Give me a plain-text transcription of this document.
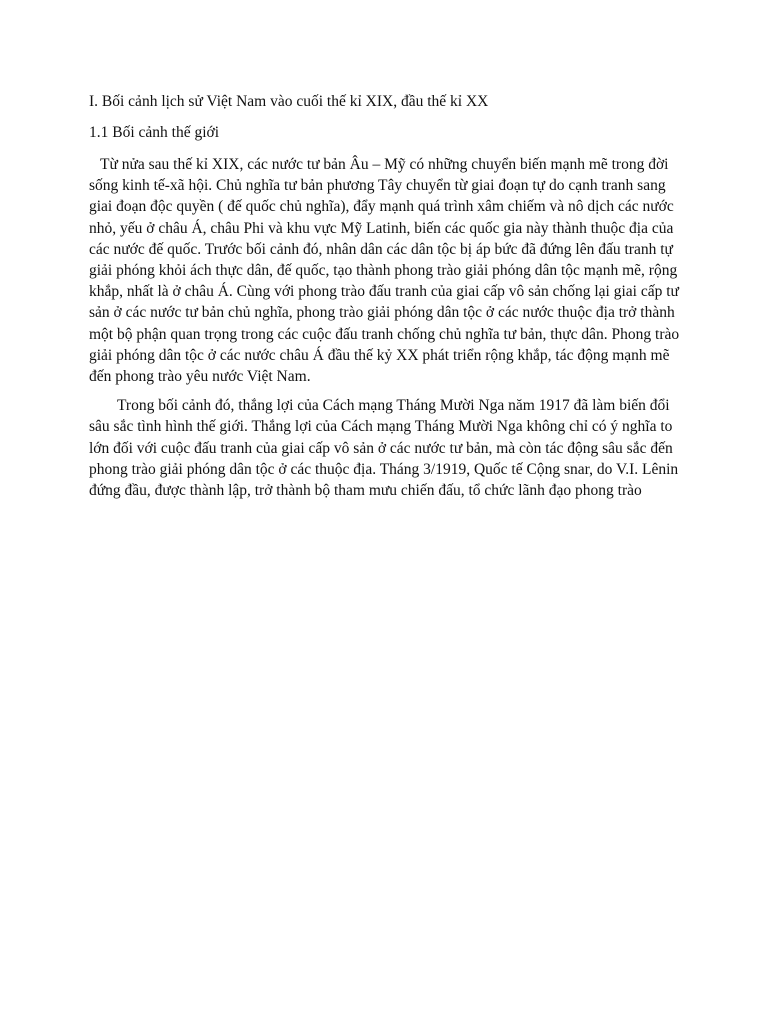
I. Bối cảnh lịch sử Việt Nam vào cuối thế kỉ XIX, đầu thế kỉ XX
1.1 Bối cảnh thế giới

Từ nửa sau thế kỉ XIX, các nước tư bản Âu – Mỹ có những chuyển biến mạnh mẽ trong đời sống kinh tế-xã hội. Chủ nghĩa tư bản phương Tây chuyển từ giai đoạn tự do cạnh tranh sang giai đoạn độc quyền ( đế quốc chủ nghĩa), đẩy mạnh quá trình xâm chiếm và nô dịch các nước nhỏ, yếu ở châu Á, châu Phi và khu vực Mỹ Latinh, biến các quốc gia này thành thuộc địa của các nước đế quốc. Trước bối cảnh đó, nhân dân các dân tộc bị áp bức đã đứng lên đấu tranh tự giải phóng khỏi ách thực dân, đế quốc, tạo thành phong trào giải phóng dân tộc mạnh mẽ, rộng khắp, nhất là ở châu Á. Cùng với phong trào đấu tranh của giai cấp vô sản chống lại giai cấp tư sản ở các nước tư bản chủ nghĩa, phong trào giải phóng dân tộc ở các nước thuộc địa trở thành một bộ phận quan trọng trong các cuộc đấu tranh chống chủ nghĩa tư bản, thực dân. Phong trào giải phóng dân tộc ở các nước châu Á đầu thế kỷ XX phát triển rộng khắp, tác động mạnh mẽ đến phong trào yêu nước Việt Nam.

Trong bối cảnh đó, thắng lợi của Cách mạng Tháng Mười Nga năm 1917 đã làm biến đổi sâu sắc tình hình thế giới. Thắng lợi của Cách mạng Tháng Mười Nga không chỉ có ý nghĩa to lớn đối với cuộc đấu tranh của giai cấp vô sản ở các nước tư bản, mà còn tác động sâu sắc đến phong trào giải phóng dân tộc ở các thuộc địa. Tháng 3/1919, Quốc tế Cộng snar, do V.I. Lênin đứng đầu, được thành lập, trở thành bộ tham mưu chiến đấu, tổ chức lãnh đạo phong trào
